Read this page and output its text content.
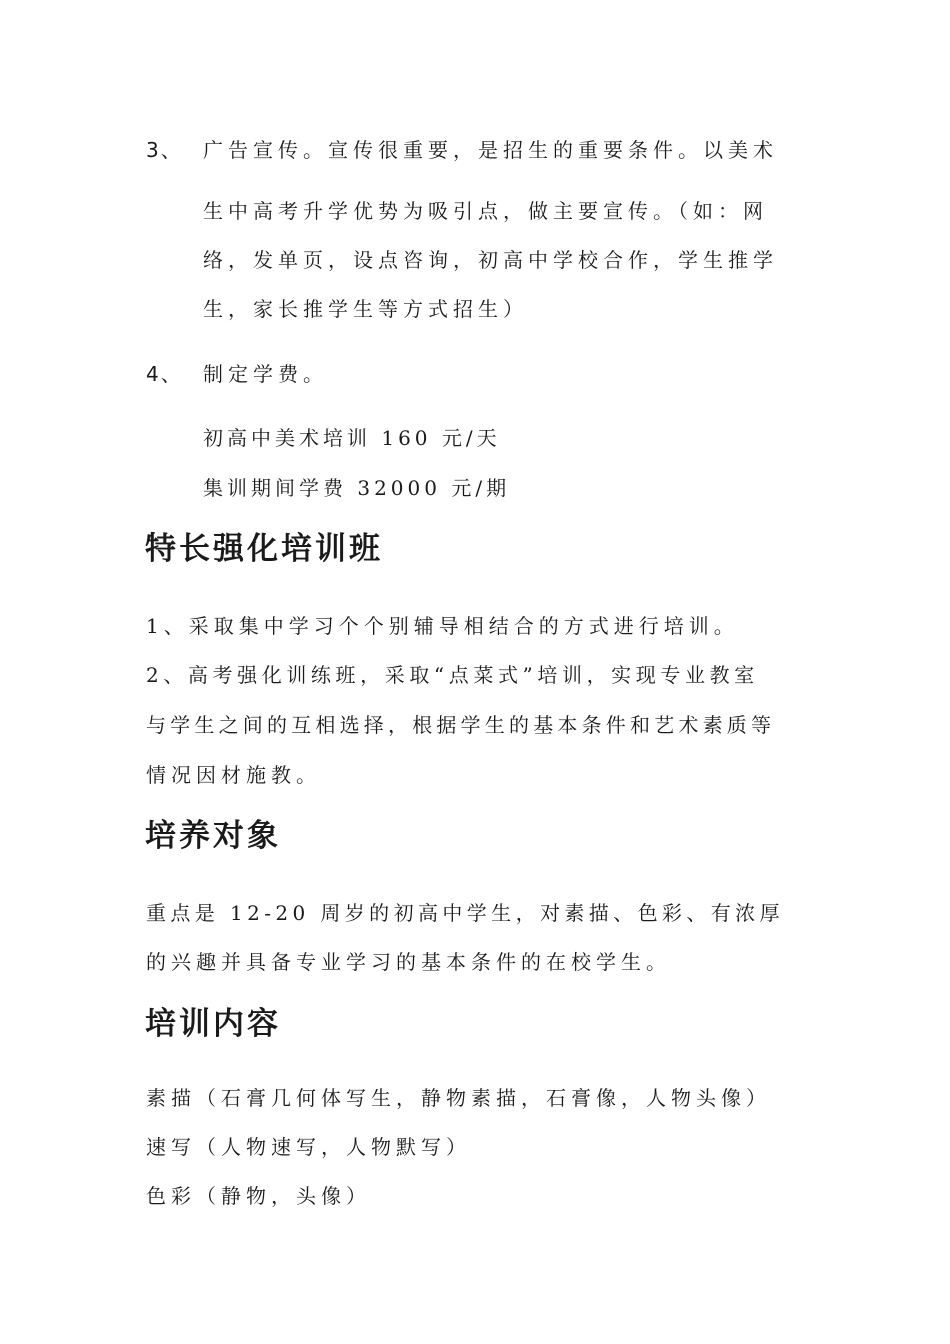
3、 广告宣传。宣传很重要，是招生的重要条件。以美术
生中高考升学优势为吸引点，做主要宣传。（如：网
络，发单页，设点咨询，初高中学校合作，学生推学
生，家长推学生等方式招生）
4、 制定学费。
初高中美术培训 160 元/天
集训期间学费 32000 元/期
特长强化培训班
1、采取集中学习个个别辅导相结合的方式进行培训。
2、高考强化训练班，采取“点菜式”培训，实现专业教室
与学生之间的互相选择，根据学生的基本条件和艺术素质等
情况因材施教。
培养对象
重点是 12-20 周岁的初高中学生，对素描、色彩、有浓厚
的兴趣并具备专业学习的基本条件的在校学生。
培训内容
素描（石膏几何体写生，静物素描，石膏像，人物头像）
速写（人物速写，人物默写）
色彩（静物，头像）
